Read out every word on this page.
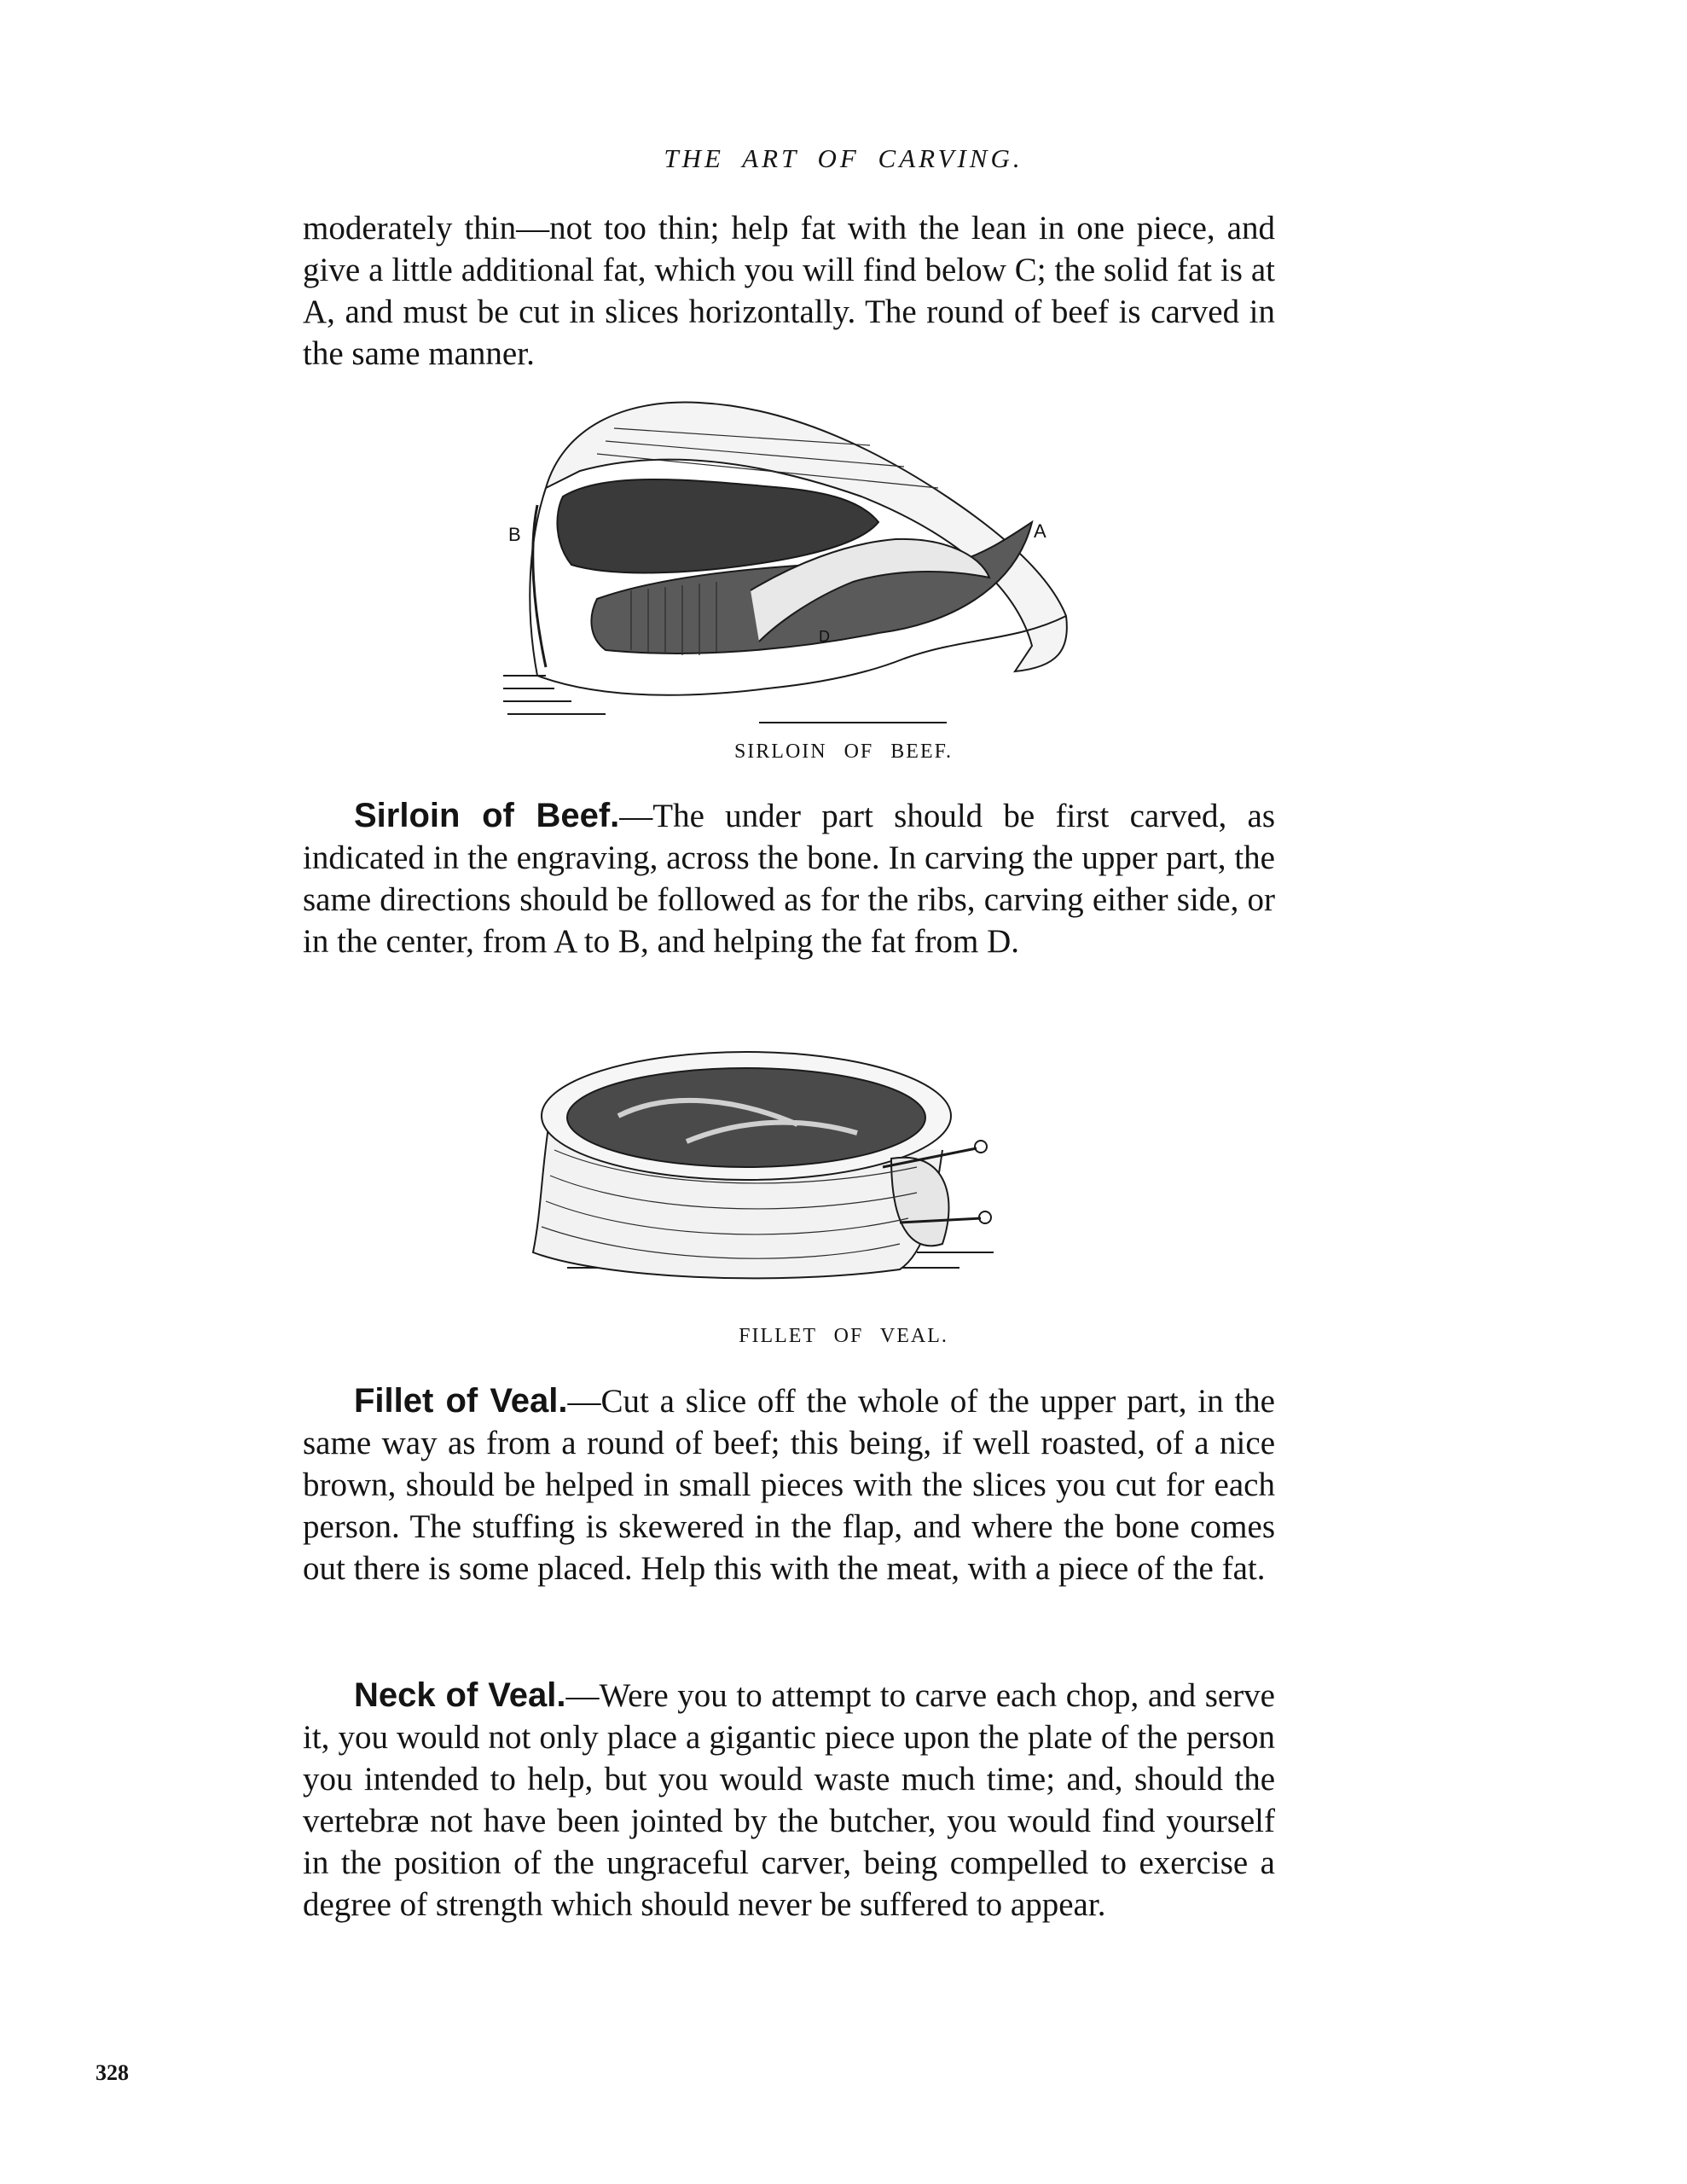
THE ART OF CARVING.

moderately thin—not too thin; help fat with the lean in one piece, and give a little additional fat, which you will find below C; the solid fat is at A, and must be cut in slices horizontally. The round of beef is carved in the same manner.

B	A
D
SIRLOIN OF BEEF.

Sirloin of Beef.—The under part should be first carved, as indicated in the engraving, across the bone. In carving the upper part, the same directions should be followed as for the ribs, carving either side, or in the center, from A to B, and helping the fat from D.

FILLET OF VEAL.

Fillet of Veal.—Cut a slice off the whole of the upper part, in the same way as from a round of beef; this being, if well roasted, of a nice brown, should be helped in small pieces with the slices you cut for each person. The stuffing is skewered in the flap, and where the bone comes out there is some placed. Help this with the meat, with a piece of the fat.

Neck of Veal.—Were you to attempt to carve each chop, and serve it, you would not only place a gigantic piece upon the plate of the person you intended to help, but you would waste much time; and, should the vertebræ not have been jointed by the butcher, you would find yourself in the position of the ungraceful carver, being compelled to exercise a degree of strength which should never be suffered to appear.

328
